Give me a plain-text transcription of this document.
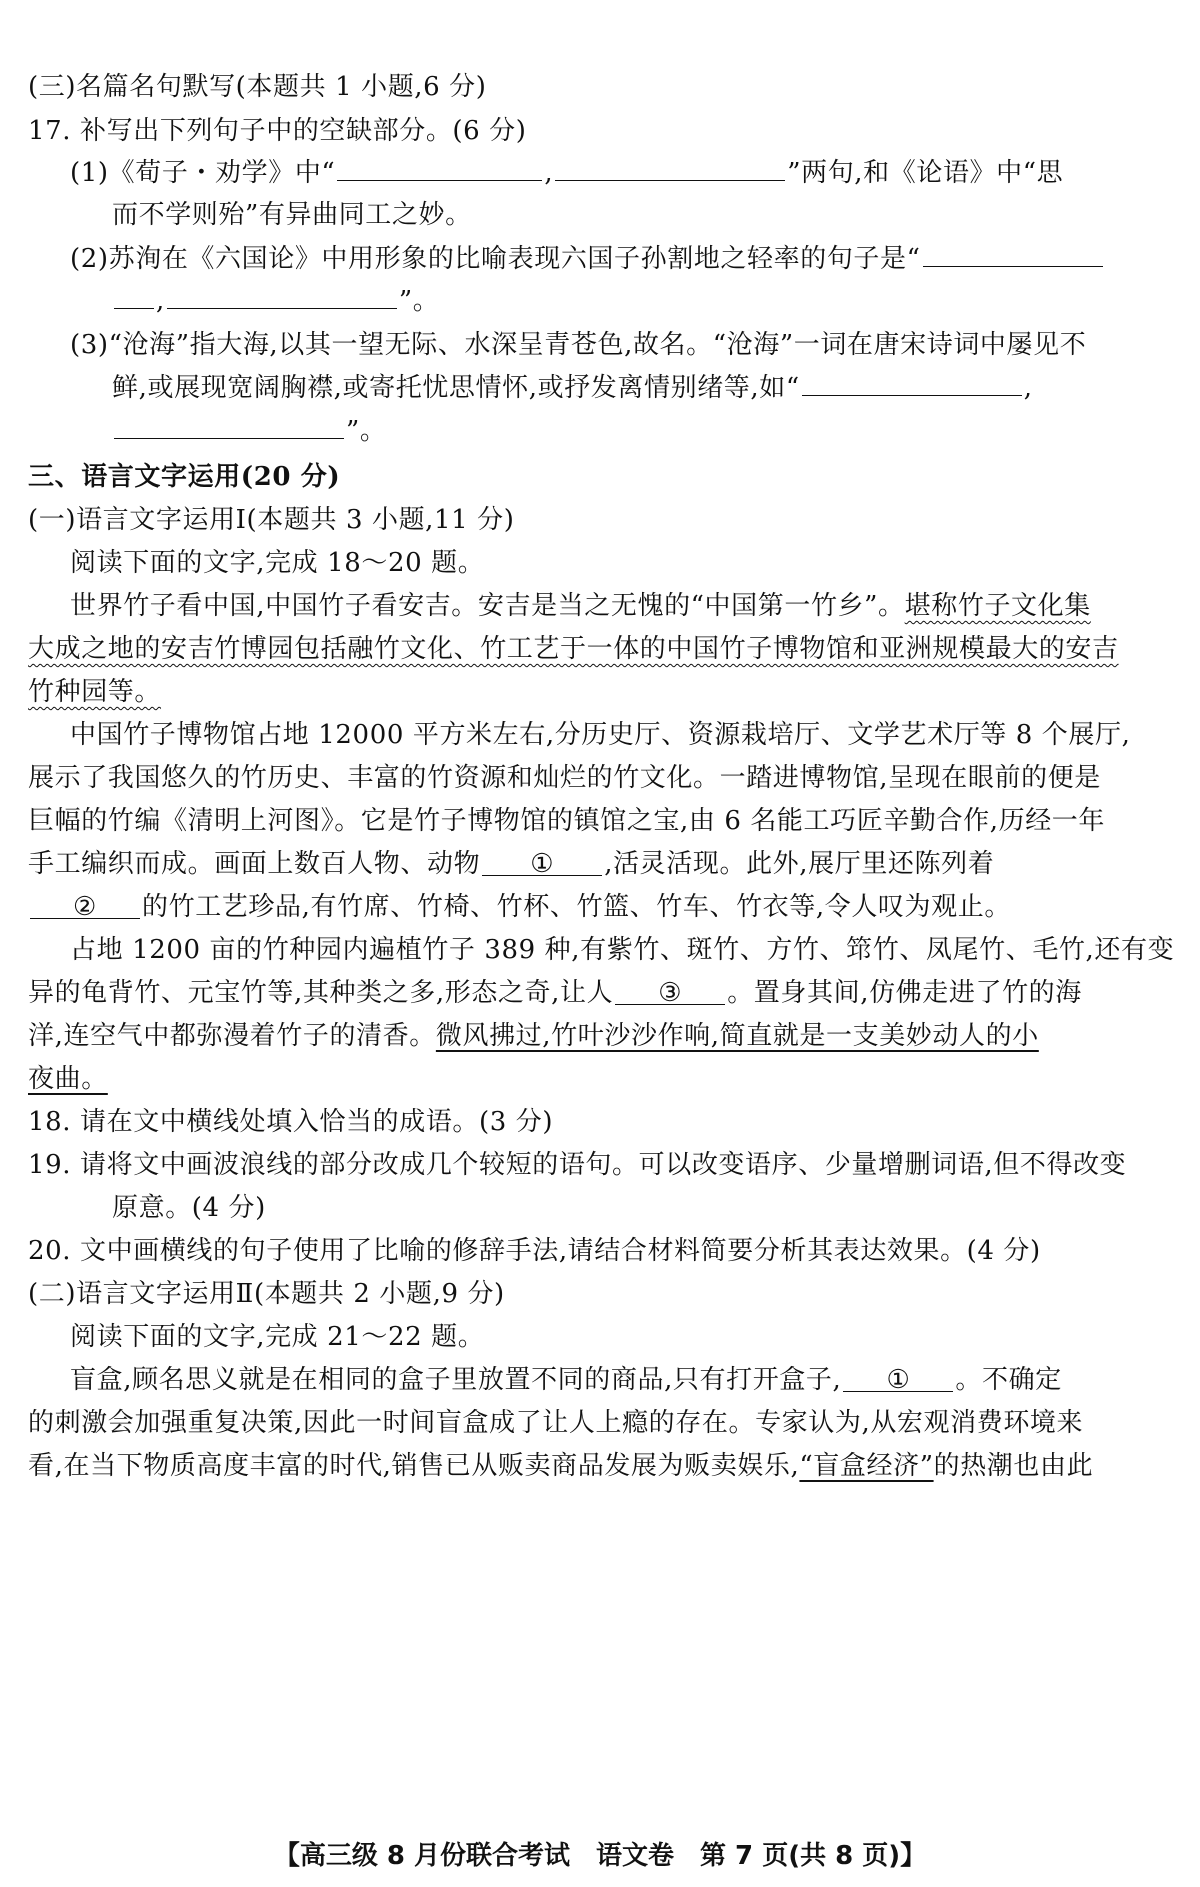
(三)名篇名句默写(本题共 1 小题,6 分)
17. 补写出下列句子中的空缺部分。(6 分)
(1)《荀子・劝学》中“	,	”两句,和《论语》中“思
而不学则殆”有异曲同工之妙。
(2)苏洵在《六国论》中用形象的比喻表现六国子孙割地之轻率的句子是“
,	”。
(3)“沧海”指大海,以其一望无际、水深呈青苍色,故名。“沧海”一词在唐宋诗词中屡见不
鲜,或展现宽阔胸襟,或寄托忧思情怀,或抒发离情别绪等,如“	,
”。
三、语言文字运用(20 分)
(一)语言文字运用Ⅰ(本题共 3 小题,11 分)
阅读下面的文字,完成 18～20 题。
世界竹子看中国,中国竹子看安吉。安吉是当之无愧的“中国第一竹乡”。堪称竹子文化集
大成之地的安吉竹博园包括融竹文化、竹工艺于一体的中国竹子博物馆和亚洲规模最大的安吉
竹种园等。
中国竹子博物馆占地 12000 平方米左右,分历史厅、资源栽培厅、文学艺术厅等 8 个展厅,
展示了我国悠久的竹历史、丰富的竹资源和灿烂的竹文化。一踏进博物馆,呈现在眼前的便是
巨幅的竹编《清明上河图》。它是竹子博物馆的镇馆之宝,由 6 名能工巧匠辛勤合作,历经一年
手工编织而成。画面上数百人物、动物 ① ,活灵活现。此外,展厅里还陈列着
② 的竹工艺珍品,有竹席、竹椅、竹杯、竹篮、竹车、竹衣等,令人叹为观止。
占地 1200 亩的竹种园内遍植竹子 389 种,有紫竹、斑竹、方竹、筇竹、凤尾竹、毛竹,还有变
异的龟背竹、元宝竹等,其种类之多,形态之奇,让人 ③ 。置身其间,仿佛走进了竹的海
洋,连空气中都弥漫着竹子的清香。微风拂过,竹叶沙沙作响,简直就是一支美妙动人的小
夜曲。
18. 请在文中横线处填入恰当的成语。(3 分)
19. 请将文中画波浪线的部分改成几个较短的语句。可以改变语序、少量增删词语,但不得改变
原意。(4 分)
20. 文中画横线的句子使用了比喻的修辞手法,请结合材料简要分析其表达效果。(4 分)
(二)语言文字运用Ⅱ(本题共 2 小题,9 分)
阅读下面的文字,完成 21～22 题。
盲盒,顾名思义就是在相同的盒子里放置不同的商品,只有打开盒子, ① 。不确定
的刺激会加强重复决策,因此一时间盲盒成了让人上瘾的存在。专家认为,从宏观消费环境来
看,在当下物质高度丰富的时代,销售已从贩卖商品发展为贩卖娱乐,“盲盒经济”的热潮也由此
【高三级 8 月份联合考试　语文卷　第 7 页(共 8 页)】
